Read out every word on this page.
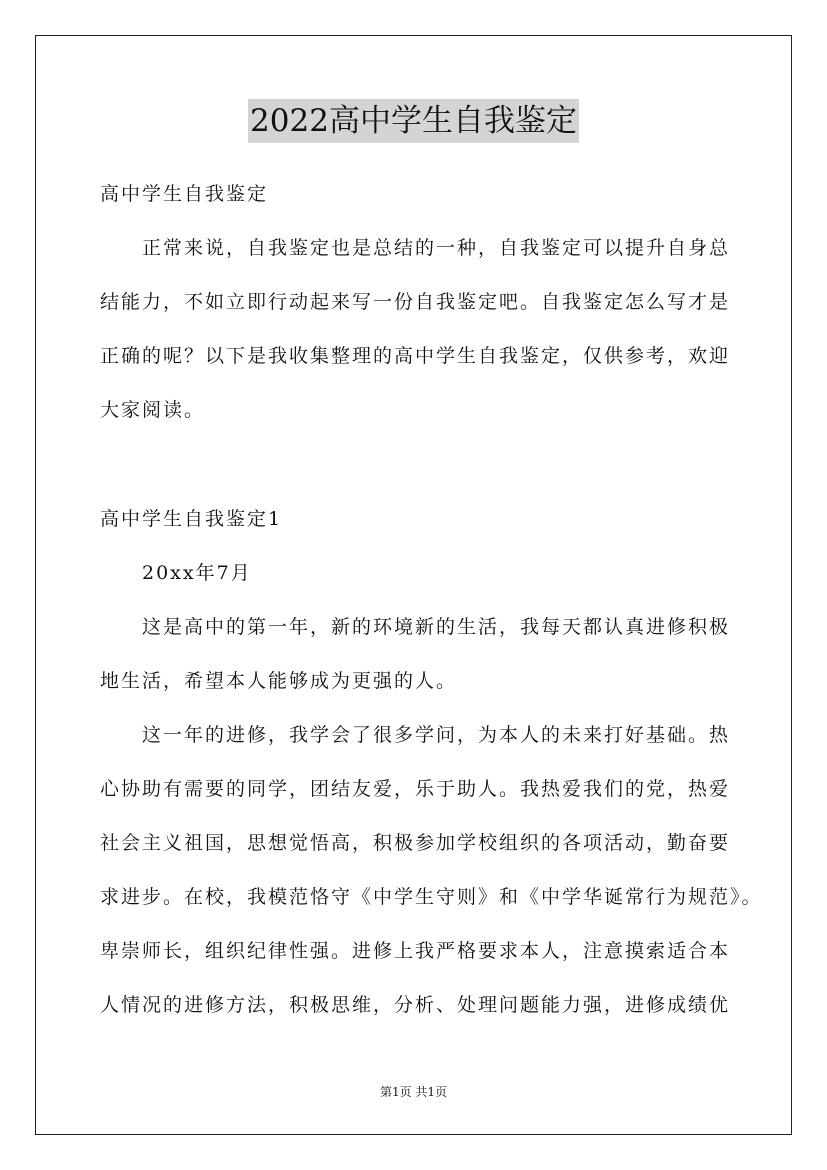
2022高中学生自我鉴定
高中学生自我鉴定
正常来说，自我鉴定也是总结的一种，自我鉴定可以提升自身总
结能力，不如立即行动起来写一份自我鉴定吧。自我鉴定怎么写才是
正确的呢？以下是我收集整理的高中学生自我鉴定，仅供参考，欢迎
大家阅读。
高中学生自我鉴定1
20xx年7月
这是高中的第一年，新的环境新的生活，我每天都认真进修积极
地生活，希望本人能够成为更强的人。
这一年的进修，我学会了很多学问，为本人的未来打好基础。热
心协助有需要的同学，团结友爱，乐于助人。我热爱我们的党，热爱
社会主义祖国，思想觉悟高，积极参加学校组织的各项活动，勤奋要
求进步。在校，我模范恪守《中学生守则》和《中学华诞常行为规范》。
卑崇师长，组织纪律性强。进修上我严格要求本人，注意摸索适合本
人情况的进修方法，积极思维，分析、处理问题能力强，进修成绩优
第1页 共1页
